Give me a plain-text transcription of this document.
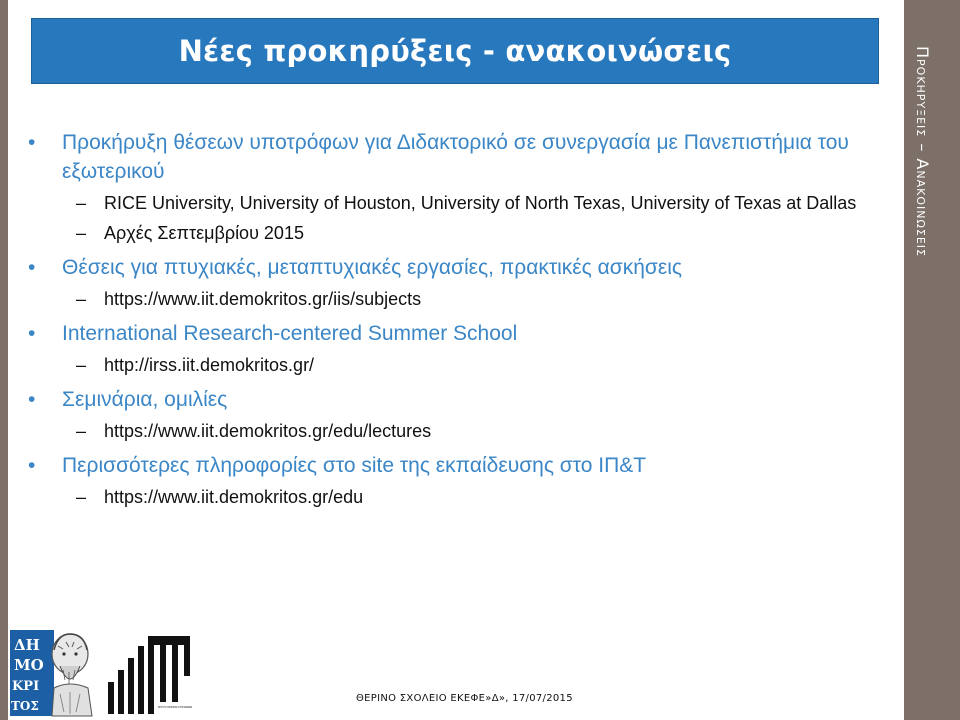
Νέες προκηρύξεις - ανακοινώσεις
•	Προκήρυξη θέσεων υποτρόφων για Διδακτορικό σε συνεργασία με Πανεπιστήμια του εξωτερικού
– RICE University, University of Houston, University of North Texas, University of Texas at Dallas
– Αρχές Σεπτεμβρίου 2015
•	Θέσεις για πτυχιακές, μεταπτυχιακές εργασίες, πρακτικές ασκήσεις
– https://www.iit.demokritos.gr/iis/subjects
•	International Research-centered Summer School
– http://irss.iit.demokritos.gr/
•	Σεμινάρια, ομιλίες
– https://www.iit.demokritos.gr/edu/lectures
•	Περισσότερες πληροφορίες στο site της εκπαίδευσης στο ΙΠ&Τ
– https://www.iit.demokritos.gr/edu
ΔΗ
ΜΟ
ΚΡΙ
ΤΟΣ	ΙΝΣΤΙΤΟΥΤΟ ΠΛΗΡΟΦΟΡΙΚΗΣ & ΤΗΛΕΠΙΚΟΙΝΩΝΙΩΝ
ΘΕΡΙΝΟ ΣΧΟΛΕΙΟ ΕΚΕΦΕ»Δ», 17/07/2015
Προκηρυξεις – Ανακοινωσεις
